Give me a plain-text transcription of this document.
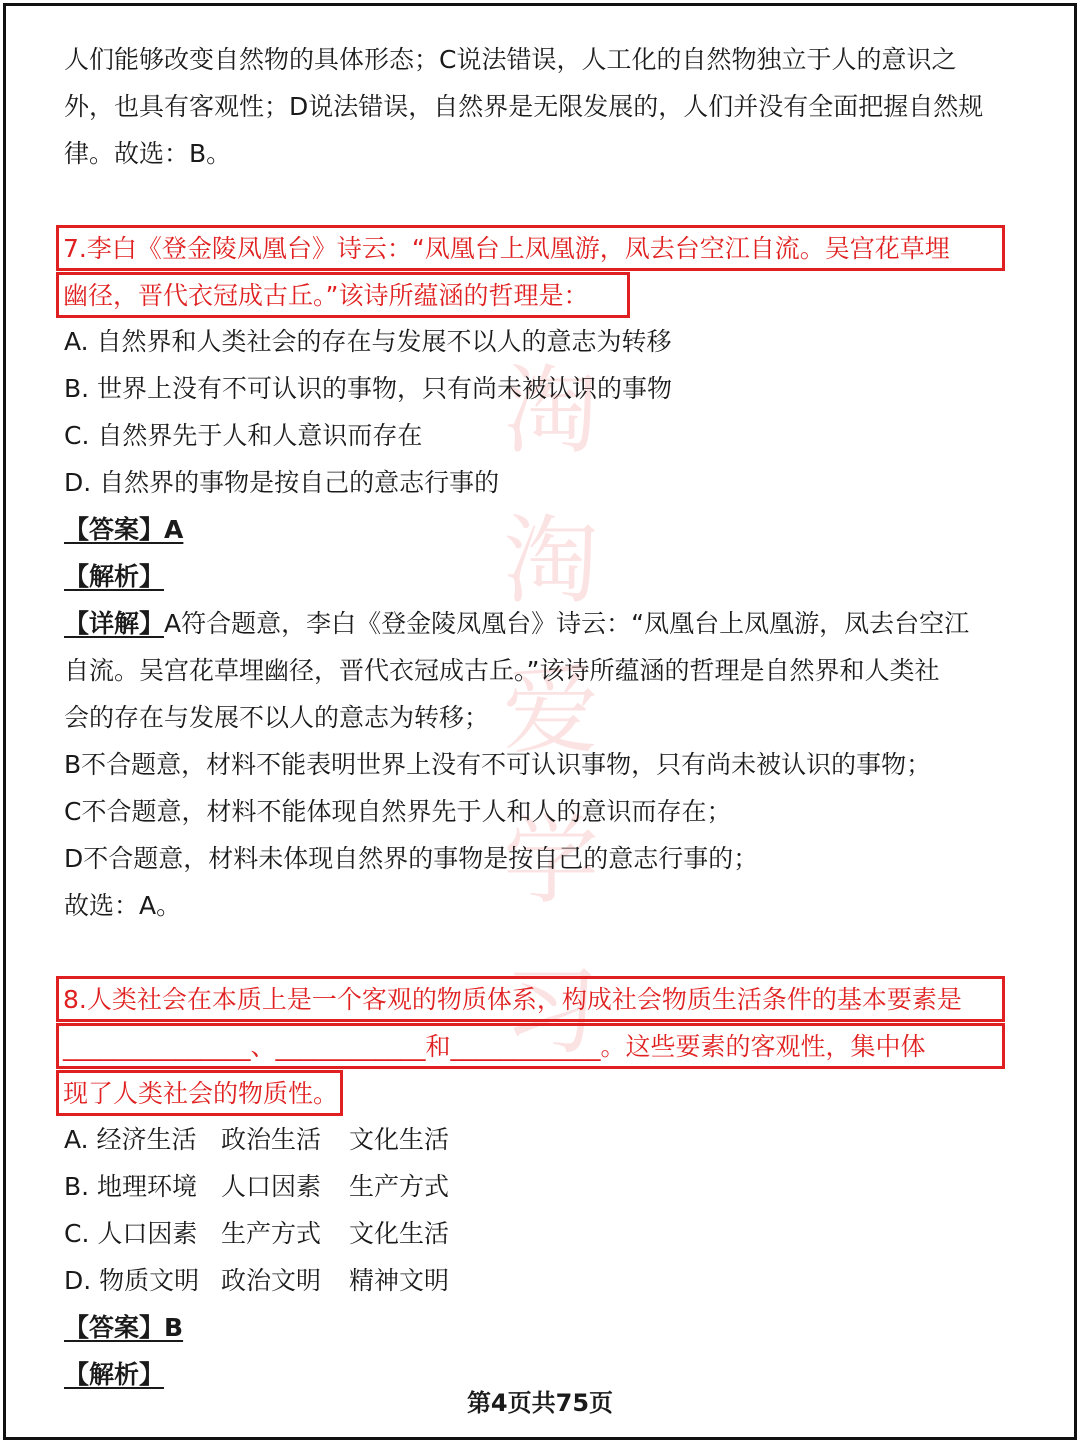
淘
淘
爱
学
习
人们能够改变自然物的具体形态；C说法错误，人工化的自然物独立于人的意识之
外，也具有客观性；D说法错误，自然界是无限发展的，人们并没有全面把握自然规
律。故选：B。
7.李白《登金陵凤凰台》诗云：“凤凰台上凤凰游，凤去台空江自流。吴宫花草埋
幽径，晋代衣冠成古丘。”该诗所蕴涵的哲理是：
A. 自然界和人类社会的存在与发展不以人的意志为转移
B. 世界上没有不可认识的事物，只有尚未被认识的事物
C. 自然界先于人和人意识而存在
D. 自然界的事物是按自己的意志行事的
【答案】A
【解析】
【详解】A符合题意，李白《登金陵凤凰台》诗云：“凤凰台上凤凰游，凤去台空江
自流。吴宫花草埋幽径，晋代衣冠成古丘。”该诗所蕴涵的哲理是自然界和人类社
会的存在与发展不以人的意志为转移；
B不合题意，材料不能表明世界上没有不可认识事物，只有尚未被认识的事物；
C不合题意，材料不能体现自然界先于人和人的意识而存在；
D不合题意，材料未体现自然界的事物是按自己的意志行事的；
故选：A。
8.人类社会在本质上是一个客观的物质体系，构成社会物质生活条件的基本要素是
_______________、____________和____________。这些要素的客观性，集中体
现了人类社会的物质性。
A. 经济生活 政治生活 文化生活
B. 地理环境 人口因素 生产方式
C. 人口因素 生产方式 文化生活
D. 物质文明 政治文明 精神文明
【答案】B
【解析】
第4页共75页
